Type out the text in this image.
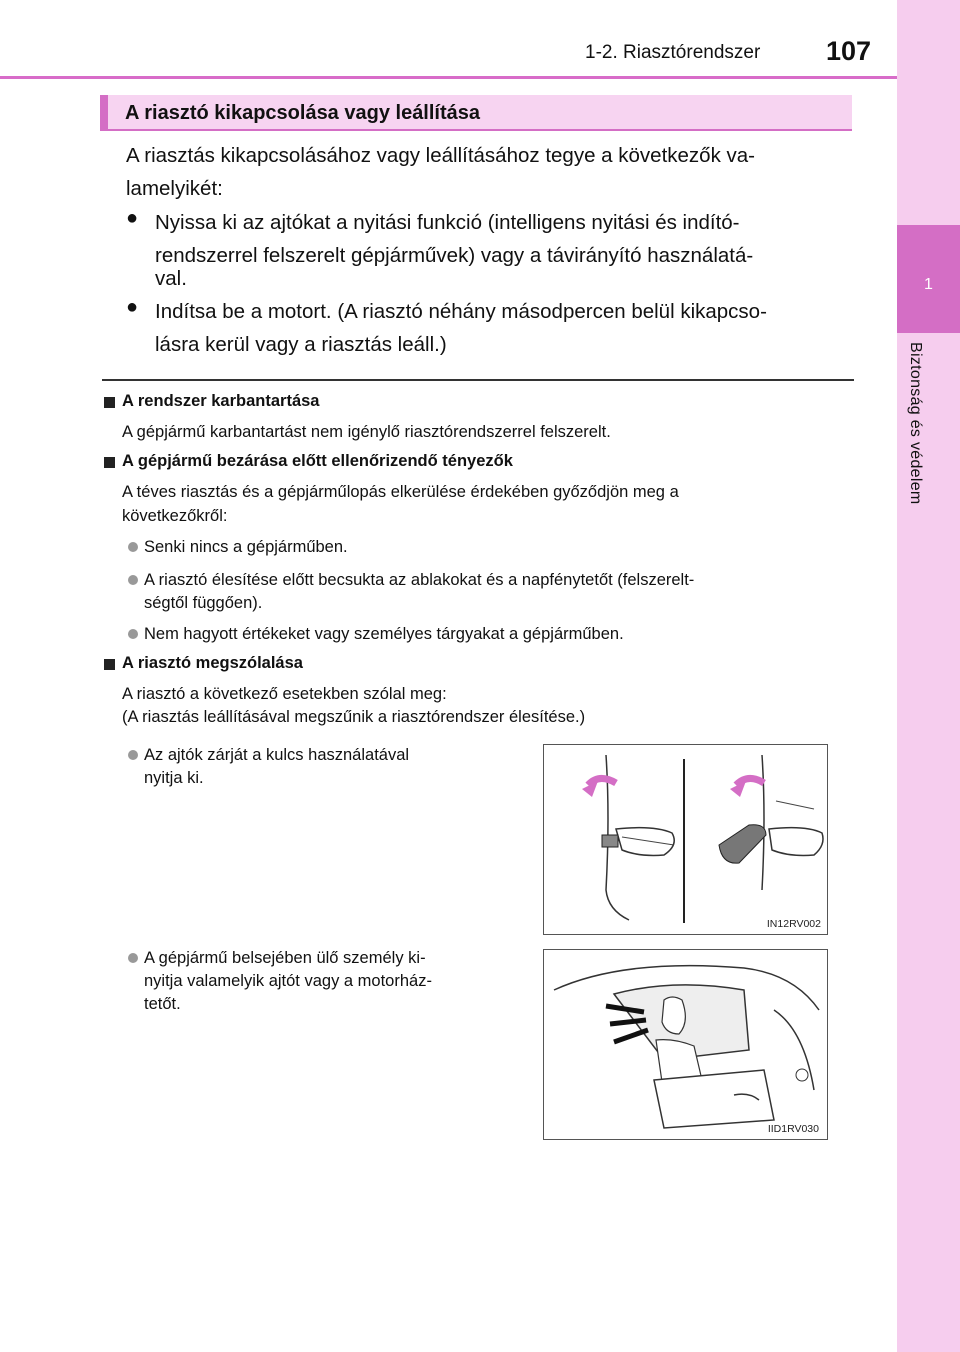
1-2. Riasztórendszer 107
1
Biztonság és védelem
A riasztó kikapcsolása vagy leállítása
A riasztás kikapcsolásához vagy leállításához tegye a következők va-
lamelyikét:
● Nyissa ki az ajtókat a nyitási funkció (intelligens nyitási és indító-
rendszerrel felszerelt gépjárművek) vagy a távirányító használatá-
val.
● Indítsa be a motort. (A riasztó néhány másodpercen belül kikapcso-
lásra kerül vagy a riasztás leáll.)
A rendszer karbantartása
A gépjármű karbantartást nem igénylő riasztórendszerrel felszerelt.
A gépjármű bezárása előtt ellenőrizendő tényezők
A téves riasztás és a gépjárműlopás elkerülése érdekében győződjön meg a
következőkről:
Senki nincs a gépjárműben.
A riasztó élesítése előtt becsukta az ablakokat és a napfénytetőt (felszerelt-
ségtől függően).
Nem hagyott értékeket vagy személyes tárgyakat a gépjárműben.
A riasztó megszólalása
A riasztó a következő esetekben szólal meg:
(A riasztás leállításával megszűnik a riasztórendszer élesítése.)
Az ajtók zárját a kulcs használatával
nyitja ki.
A gépjármű belsejében ülő személy ki-
nyitja valamelyik ajtót vagy a motorház-
tetőt.
IN12RV002
IID1RV030
